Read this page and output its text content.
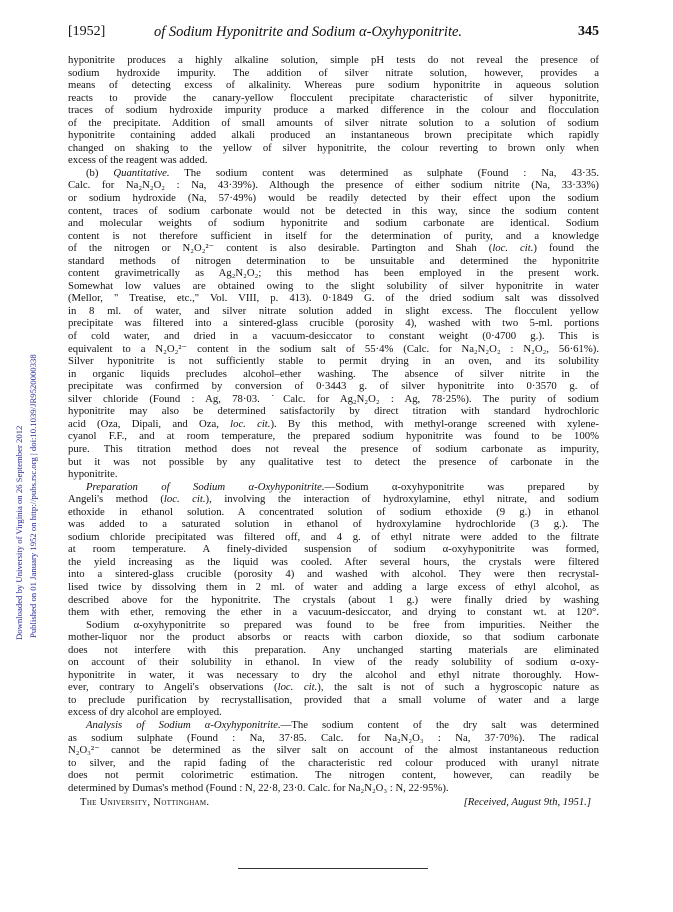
[1952]	of Sodium Hyponitrite and Sodium α-Oxyhyponitrite.	345
Downloaded by University of Virginia on 26 September 2012 Published on 01 January 1952 on http://pubs.rsc.org | doi:10.1039/JR9520000338
hyponitrite produces a highly alkaline solution, simple pH tests do not reveal the presence of
sodium hydroxide impurity. The addition of silver nitrate solution, however, provides a
means of detecting excess of alkalinity. Whereas pure sodium hyponitrite in aqueous solution
reacts to provide the canary-yellow flocculent precipitate characteristic of silver hyponitrite,
traces of sodium hydroxide impurity produce a marked difference in the colour and flocculation
of the precipitate. Addition of small amounts of silver nitrate solution to a solution of sodium
hyponitrite containing added alkali produced an instantaneous brown precipitate which rapidly
changed on shaking to the yellow of silver hyponitrite, the colour reverting to brown only when
excess of the reagent was added.
(b) Quantitative. The sodium content was determined as sulphate (Found : Na, 43·35.
Calc. for Na₂N₂O₂ : Na, 43·39%). Although the presence of either sodium nitrite (Na, 33·33%)
or sodium hydroxide (Na, 57·49%) would be readily detected by their effect upon the sodium
content, traces of sodium carbonate would not be detected in this way, since the sodium content
and molecular weights of sodium hyponitrite and sodium carbonate are identical. Sodium
content is not therefore sufficient in itself for the determination of purity, and a knowledge
of the nitrogen or N₂O₂²⁻ content is also desirable. Partington and Shah (loc. cit.) found the
standard methods of nitrogen determination to be unsuitable and determined the hyponitrite
content gravimetrically as Ag₂N₂O₂; this method has been employed in the present work.
Somewhat low values are obtained owing to the slight solubility of silver hyponitrite in water
(Mellor, " Treatise, etc.," Vol. VIII, p. 413). 0·1849 G. of the dried sodium salt was dissolved
in 8 ml. of water, and silver nitrate solution added in slight excess. The flocculent yellow
precipitate was filtered into a sintered-glass crucible (porosity 4), washed with two 5-ml. portions
of cold water, and dried in a vacuum-desiccator to constant weight (0·4700 g.). This is
equivalent to a N₂O₂²⁻ content in the sodium salt of 55·4% (Calc. for Na₂N₂O₂ : N₂O₂, 56·61%).
Silver hyponitrite is not sufficiently stable to permit drying in an oven, and its solubility
in organic liquids precludes alcohol–ether washing. The absence of silver nitrite in the
precipitate was confirmed by conversion of 0·3443 g. of silver hyponitrite into 0·3570 g. of
silver chloride (Found : Ag, 78·03. ˙Calc. for Ag₂N₂O₂ : Ag, 78·25%). The purity of sodium
hyponitrite may also be determined satisfactorily by direct titration with standard hydrochloric
acid (Oza, Dipali, and Oza, loc. cit.). By this method, with methyl-orange screened with xylene-
cyanol F.F., and at room temperature, the prepared sodium hyponitrite was found to be 100%
pure. This titration method does not reveal the presence of sodium carbonate as impurity,
but it was not possible by any qualitative test to detect the presence of carbonate in the
hyponitrite.
Preparation of Sodium α-Oxyhyponitrite.—Sodium α-oxyhyponitrite was prepared by
Angeli's method (loc. cit.), involving the interaction of hydroxylamine, ethyl nitrate, and sodium
ethoxide in ethanol solution. A concentrated solution of sodium ethoxide (9 g.) in ethanol
was added to a saturated solution in ethanol of hydroxylamine hydrochloride (3 g.). The
sodium chloride precipitated was filtered off, and 4 g. of ethyl nitrate were added to the filtrate
at room temperature. A finely-divided suspension of sodium α-oxyhyponitrite was formed,
the yield increasing as the liquid was cooled. After several hours, the crystals were filtered
into a sintered-glass crucible (porosity 4) and washed with alcohol. They were then recrystal-
lised twice by dissolving them in 2 ml. of water and adding a large excess of ethyl alcohol, as
described above for the hyponitrite. The crystals (about 1 g.) were finally dried by washing
them with ether, removing the ether in a vacuum-desiccator, and drying to constant wt. at 120°.
Sodium α-oxyhyponitrite so prepared was found to be free from impurities. Neither the
mother-liquor nor the product absorbs or reacts with carbon dioxide, so that sodium carbonate
does not interfere with this preparation. Any unchanged starting materials are eliminated
on account of their solubility in ethanol. In view of the ready solubility of sodium α-oxy-
hyponitrite in water, it was necessary to dry the alcohol and ethyl nitrate thoroughly. How-
ever, contrary to Angeli's observations (loc. cit.), the salt is not of such a hygroscopic nature as
to preclude purification by recrystallisation, provided that a small volume of water and a large
excess of dry alcohol are employed.
Analysis of Sodium α-Oxyhyponitrite.—The sodium content of the dry salt was determined
as sodium sulphate (Found : Na, 37·85. Calc. for Na₂N₂O₃ : Na, 37·70%). The radical
N₂O₃²⁻ cannot be determined as the silver salt on account of the almost instantaneous reduction
to silver, and the rapid fading of the characteristic red colour produced with uranyl nitrate
does not permit colorimetric estimation. The nitrogen content, however, can readily be
determined by Dumas's method (Found : N, 22·8, 23·0. Calc. for Na₂N₂O₃ : N, 22·95%).
The University, Nottingham.	[Received, August 9th, 1951.]
